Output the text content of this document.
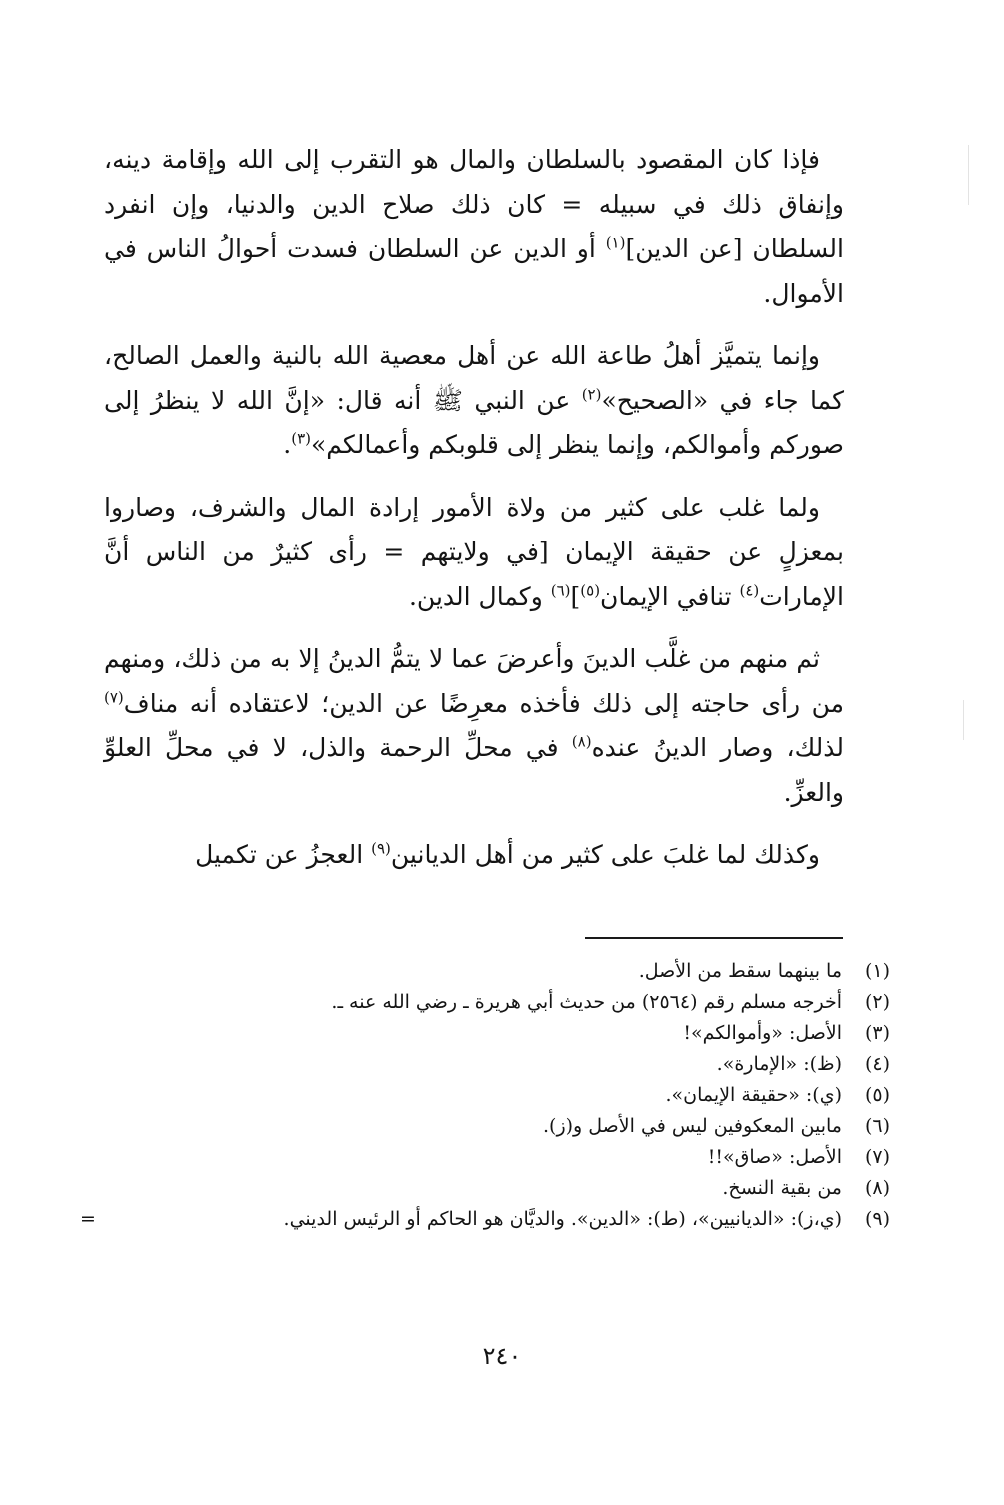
فإذا كان المقصود بالسلطان والمال هو التقرب إلى الله وإقامة دينه، وإنفاق ذلك في سبيله = كان ذلك صلاح الدين والدنيا، وإن انفرد السلطان [عن الدين]$^{(١)}$ أو الدين عن السلطان فسدت أحوالُ الناس في الأموال.

وإنما يتميَّز أهلُ طاعة الله عن أهل معصية الله بالنية والعمل الصالح، كما جاء في «الصحيح»$^{(٢)}$ عن النبي ﷺ أنه قال: «إنَّ الله لا ينظرُ إلى صوركم وأموالكم، وإنما ينظر إلى قلوبكم وأعمالكم»$^{(٣)}$.

ولما غلب على كثير من ولاة الأمور إرادة المال والشرف، وصاروا بمعزلٍ عن حقيقة الإيمان [في ولايتهم = رأى كثيرٌ من الناس أنَّ الإمارات$^{(٤)}$ تنافي الإيمان$^{(٥)}$]$^{(٦)}$ وكمال الدين.

ثم منهم من غلَّب الدينَ وأعرضَ عما لا يتمُّ الدينُ إلا به من ذلك، ومنهم من رأى حاجته إلى ذلك فأخذه معرِضًا عن الدين؛ لاعتقاده أنه مناف$^{(٧)}$ لذلك، وصار الدينُ عنده$^{(٨)}$ في محلِّ الرحمة والذل، لا في محلِّ العلوِّ والعزِّ.

وكذلك لما غلبَ على كثير من أهل الديانين$^{(٩)}$ العجزُ عن تكميل

(١)
ما بينهما سقط من الأصل.
(٢)
أخرجه مسلم رقم (٢٥٦٤) من حديث أبي هريرة ـ رضي الله عنه ـ.
(٣)
الأصل: «وأموالكم»!
(٤)
(ظ): «الإمارة».
(٥)
(ي): «حقيقة الإيمان».
(٦)
مابين المعكوفين ليس في الأصل و(ز).
(٧)
الأصل: «صاق»!!
(٨)
من بقية النسخ.
(٩)
(ي،ز): «الديانيين»، (ط): «الدين». والديَّان هو الحاكم أو الرئيس الديني.
=
٢٤٠
